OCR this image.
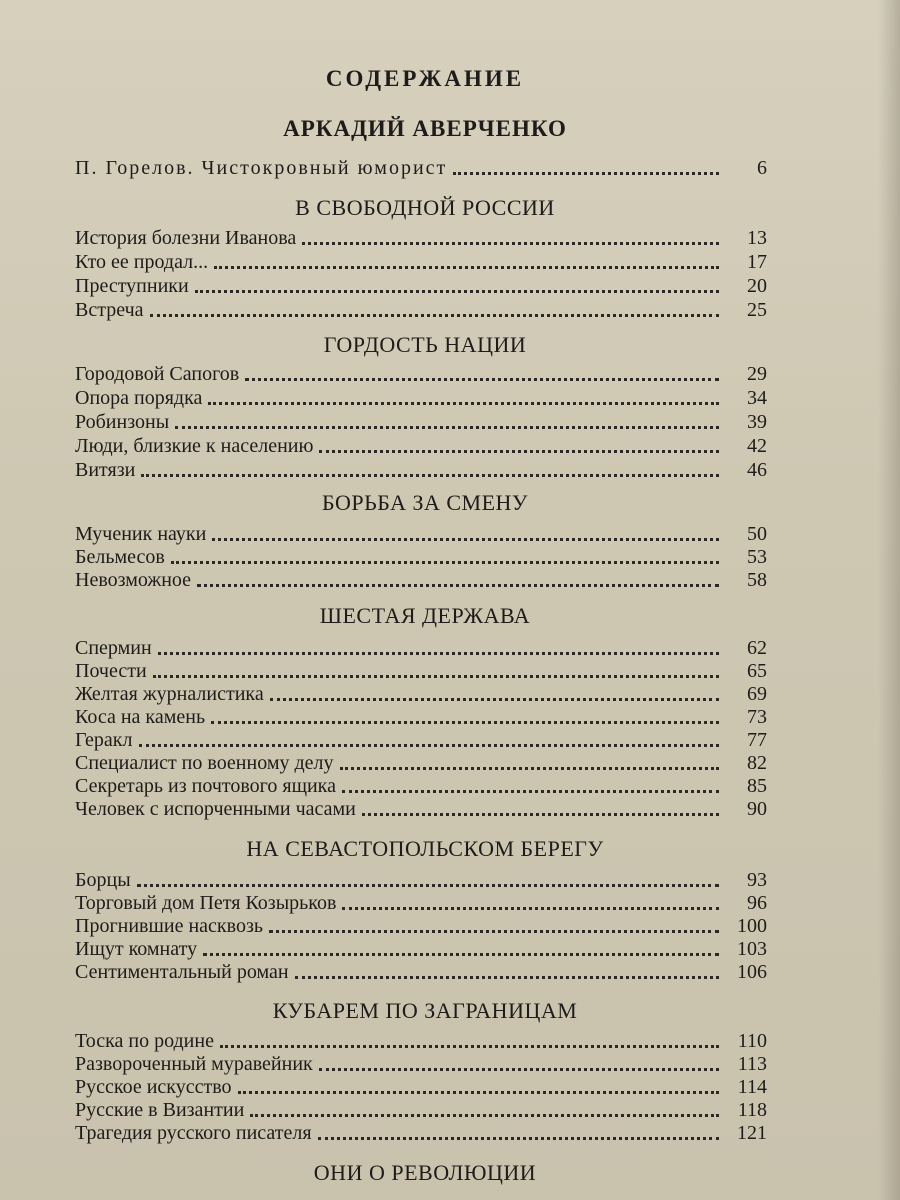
СОДЕРЖАНИЕ
АРКАДИЙ АВЕРЧЕНКО
П. Горелов. Чистокровный юморист	6
В СВОБОДНОЙ РОССИИ
История болезни Иванова	13
Кто ее продал...	17
Преступники	20
Встреча	25
ГОРДОСТЬ НАЦИИ
Городовой Сапогов	29
Опора порядка	34
Робинзоны	39
Люди, близкие к населению	42
Витязи	46
БОРЬБА ЗА СМЕНУ
Мученик науки	50
Бельмесов	53
Невозможное	58
ШЕСТАЯ ДЕРЖАВА
Спермин	62
Почести	65
Желтая журналистика	69
Коса на камень	73
Геракл	77
Специалист по военному делу	82
Секретарь из почтового ящика	85
Человек с испорченными часами	90
НА СЕВАСТОПОЛЬСКОМ БЕРЕГУ
Борцы	93
Торговый дом Петя Козырьков	96
Прогнившие насквозь	100
Ищут комнату	103
Сентиментальный роман	106
КУБАРЕМ ПО ЗАГРАНИЦАМ
Тоска по родине	110
Развороченный муравейник	113
Русское искусство	114
Русские в Византии	118
Трагедия русского писателя	121
ОНИ О РЕВОЛЮЦИИ
